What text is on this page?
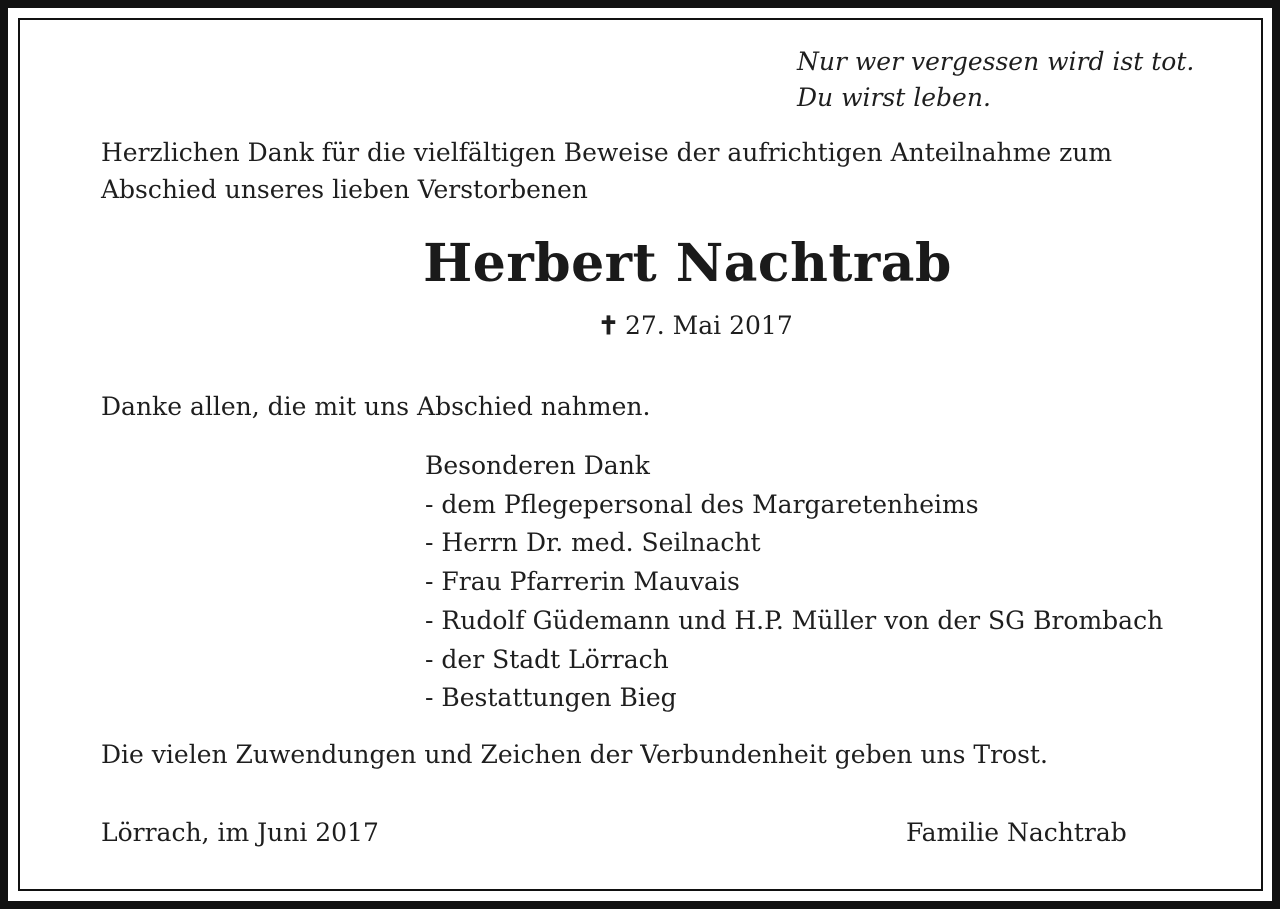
Nur wer vergessen wird ist tot.
Du wirst leben.
Herzlichen Dank für die vielfältigen Beweise der aufrichtigen Anteilnahme zum
Abschied unseres lieben Verstorbenen
Herbert Nachtrab
✝ 27. Mai 2017
Danke allen, die mit uns Abschied nahmen.
Besonderen Dank
- dem Pflegepersonal des Margaretenheims
- Herrn Dr. med. Seilnacht
- Frau Pfarrerin Mauvais
- Rudolf Güdemann und H.P. Müller von der SG Brombach
- der Stadt Lörrach
- Bestattungen Bieg
Die vielen Zuwendungen und Zeichen der Verbundenheit geben uns Trost.
Lörrach, im Juni 2017	Familie Nachtrab
